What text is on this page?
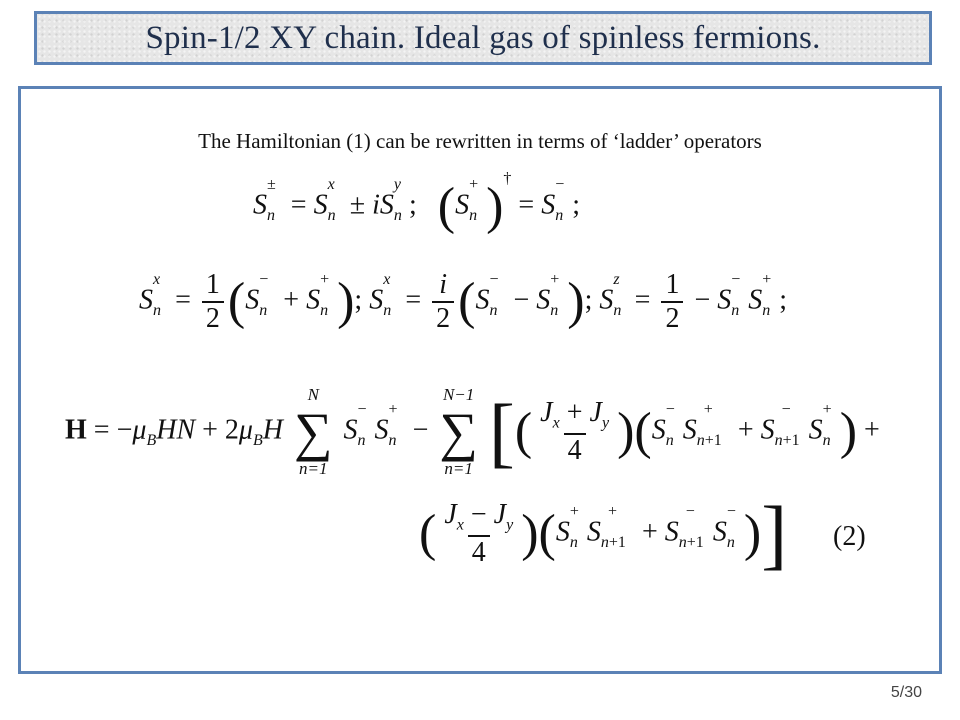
Spin-1/2 XY chain. Ideal gas of spinless fermions.
The Hamiltonian (1) can be rewritten in terms of ‘ladder’ operators
$S_n^\pm = S_n^x \pm iS_n^y$;   ($S_n^+$ )$^\dagger = S_n^-$;
$S_n^x = \frac{1}{2} (S_n^- + S_n^+$ ); $S_n^x = \frac{i}{2} (S_n^- - S_n^+$ ); $S_n^z = \frac{1}{2} - S_n^-S_n^+$;
$H = -\mu_BHN + 2\mu_BH$
N
∑
n=1
$S_n^-S_n^+$ −
N−1
∑
n=1 [( $\frac{J_x + J_y}{4} )(S_n^-S_{n+1}^+ + S_{n+1}^-S_n^+$ ) +
( $\frac{J_x - J_y}{4} )(S_n^+S_{n+1}^+ + S_{n+1}^-S_n^-$ )] (2)
5/30
